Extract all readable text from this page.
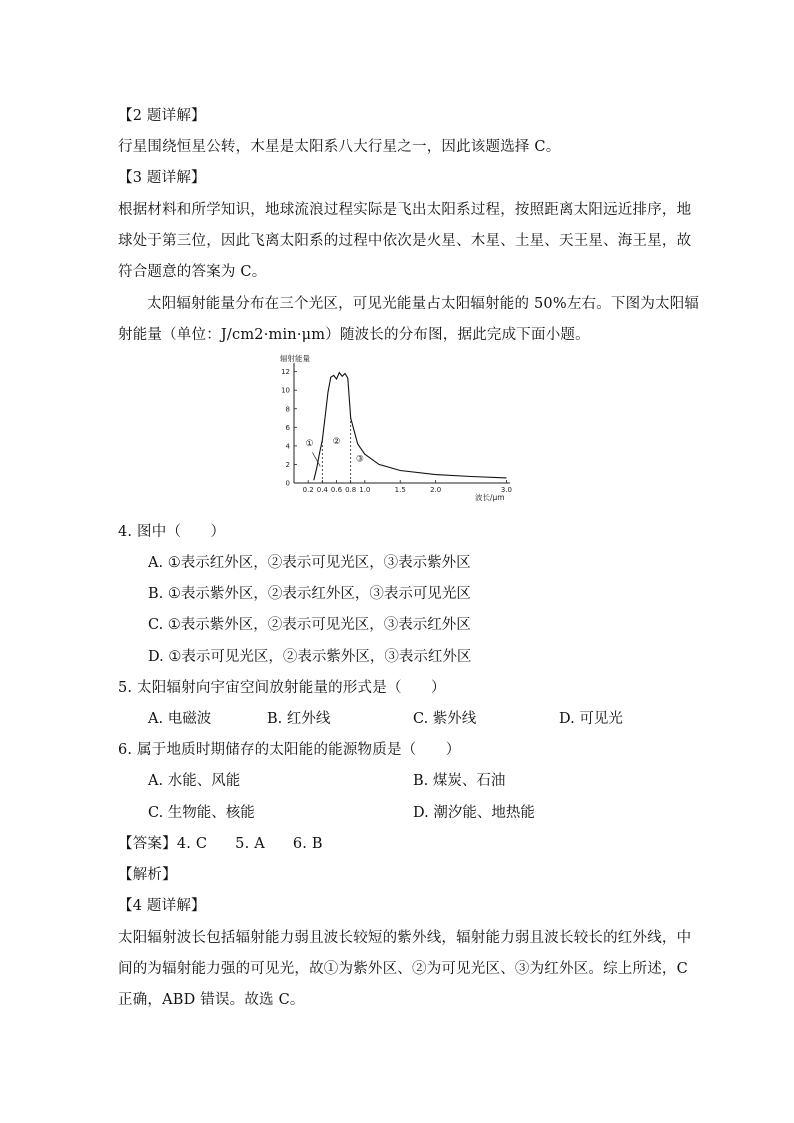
【2 题详解】
行星围绕恒星公转，木星是太阳系八大行星之一，因此该题选择 C。
【3 题详解】
根据材料和所学知识，地球流浪过程实际是飞出太阳系过程，按照距离太阳远近排序，地
球处于第三位，因此飞离太阳系的过程中依次是火星、木星、土星、天王星、海王星，故
符合题意的答案为 C。
太阳辐射能量分布在三个光区，可见光能量占太阳辐射能的 50%左右。下图为太阳辐
射能量（单位：J/cm2·min·μm）随波长的分布图，据此完成下面小题。
辐射能量
波长/μm
0
2
4
6
8
10
12
0.2 0.4 0.6 0.8 1.0	1.5	2.0	3.0
① ②
③
4. 图中（　　）
A. ①表示红外区，②表示可见光区，③表示紫外区
B. ①表示紫外区，②表示红外区，③表示可见光区
C. ①表示紫外区，②表示可见光区，③表示红外区
D. ①表示可见光区，②表示紫外区，③表示红外区
5. 太阳辐射向宇宙空间放射能量的形式是（　　）
A. 电磁波	B. 红外线	C. 紫外线	D. 可见光
6. 属于地质时期储存的太阳能的能源物质是（　　）
A. 水能、风能	B. 煤炭、石油
C. 生物能、核能	D. 潮汐能、地热能
【答案】4. C 5. A 6. B
【解析】
【4 题详解】
太阳辐射波长包括辐射能力弱且波长较短的紫外线，辐射能力弱且波长较长的红外线，中
间的为辐射能力强的可见光，故①为紫外区、②为可见光区、③为红外区。综上所述，C
正确，ABD 错误。故选 C。
